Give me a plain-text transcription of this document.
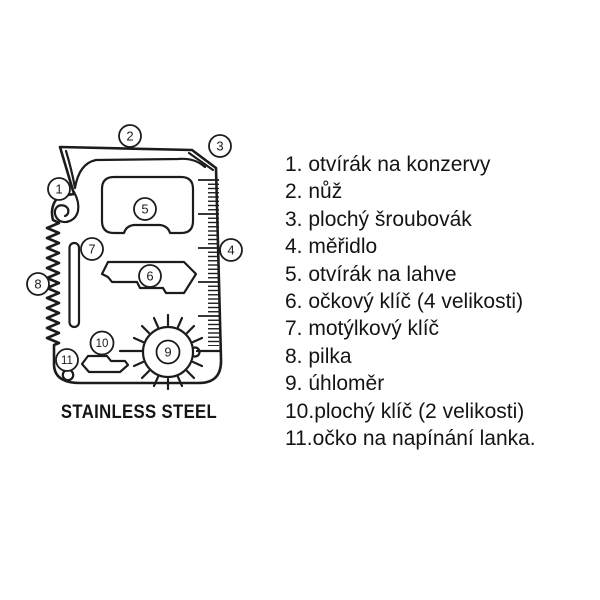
1
2
3
4
5
6
7
8
9
10
11
STAINLESS STEEL
1. otvírák na konzervy
2. nůž
3. plochý šroubovák
4. měřidlo
5. otvírák na lahve
6. očkový klíč (4 velikosti)
7. motýlkový klíč
8. pilka
9. úhloměr
10.plochý klíč (2 velikosti)
11.očko na napínání lanka.
